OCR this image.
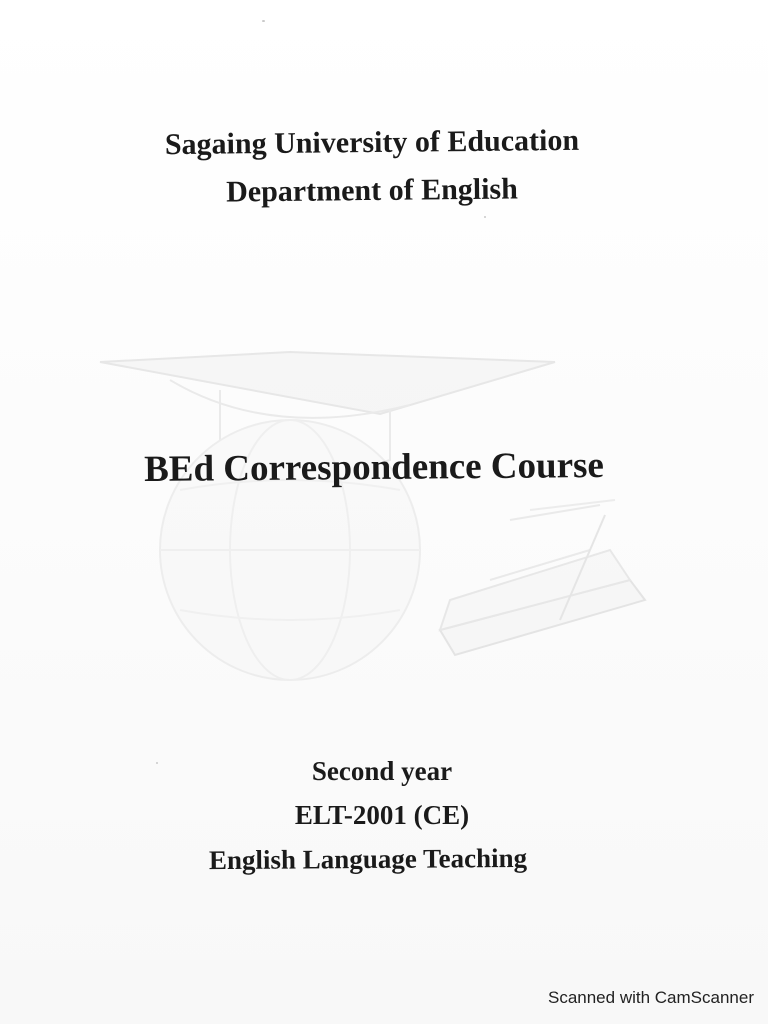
Sagaing University of Education
Department of English
BEd Correspondence Course
Second year
ELT-2001 (CE)
English Language Teaching
Scanned with CamScanner
